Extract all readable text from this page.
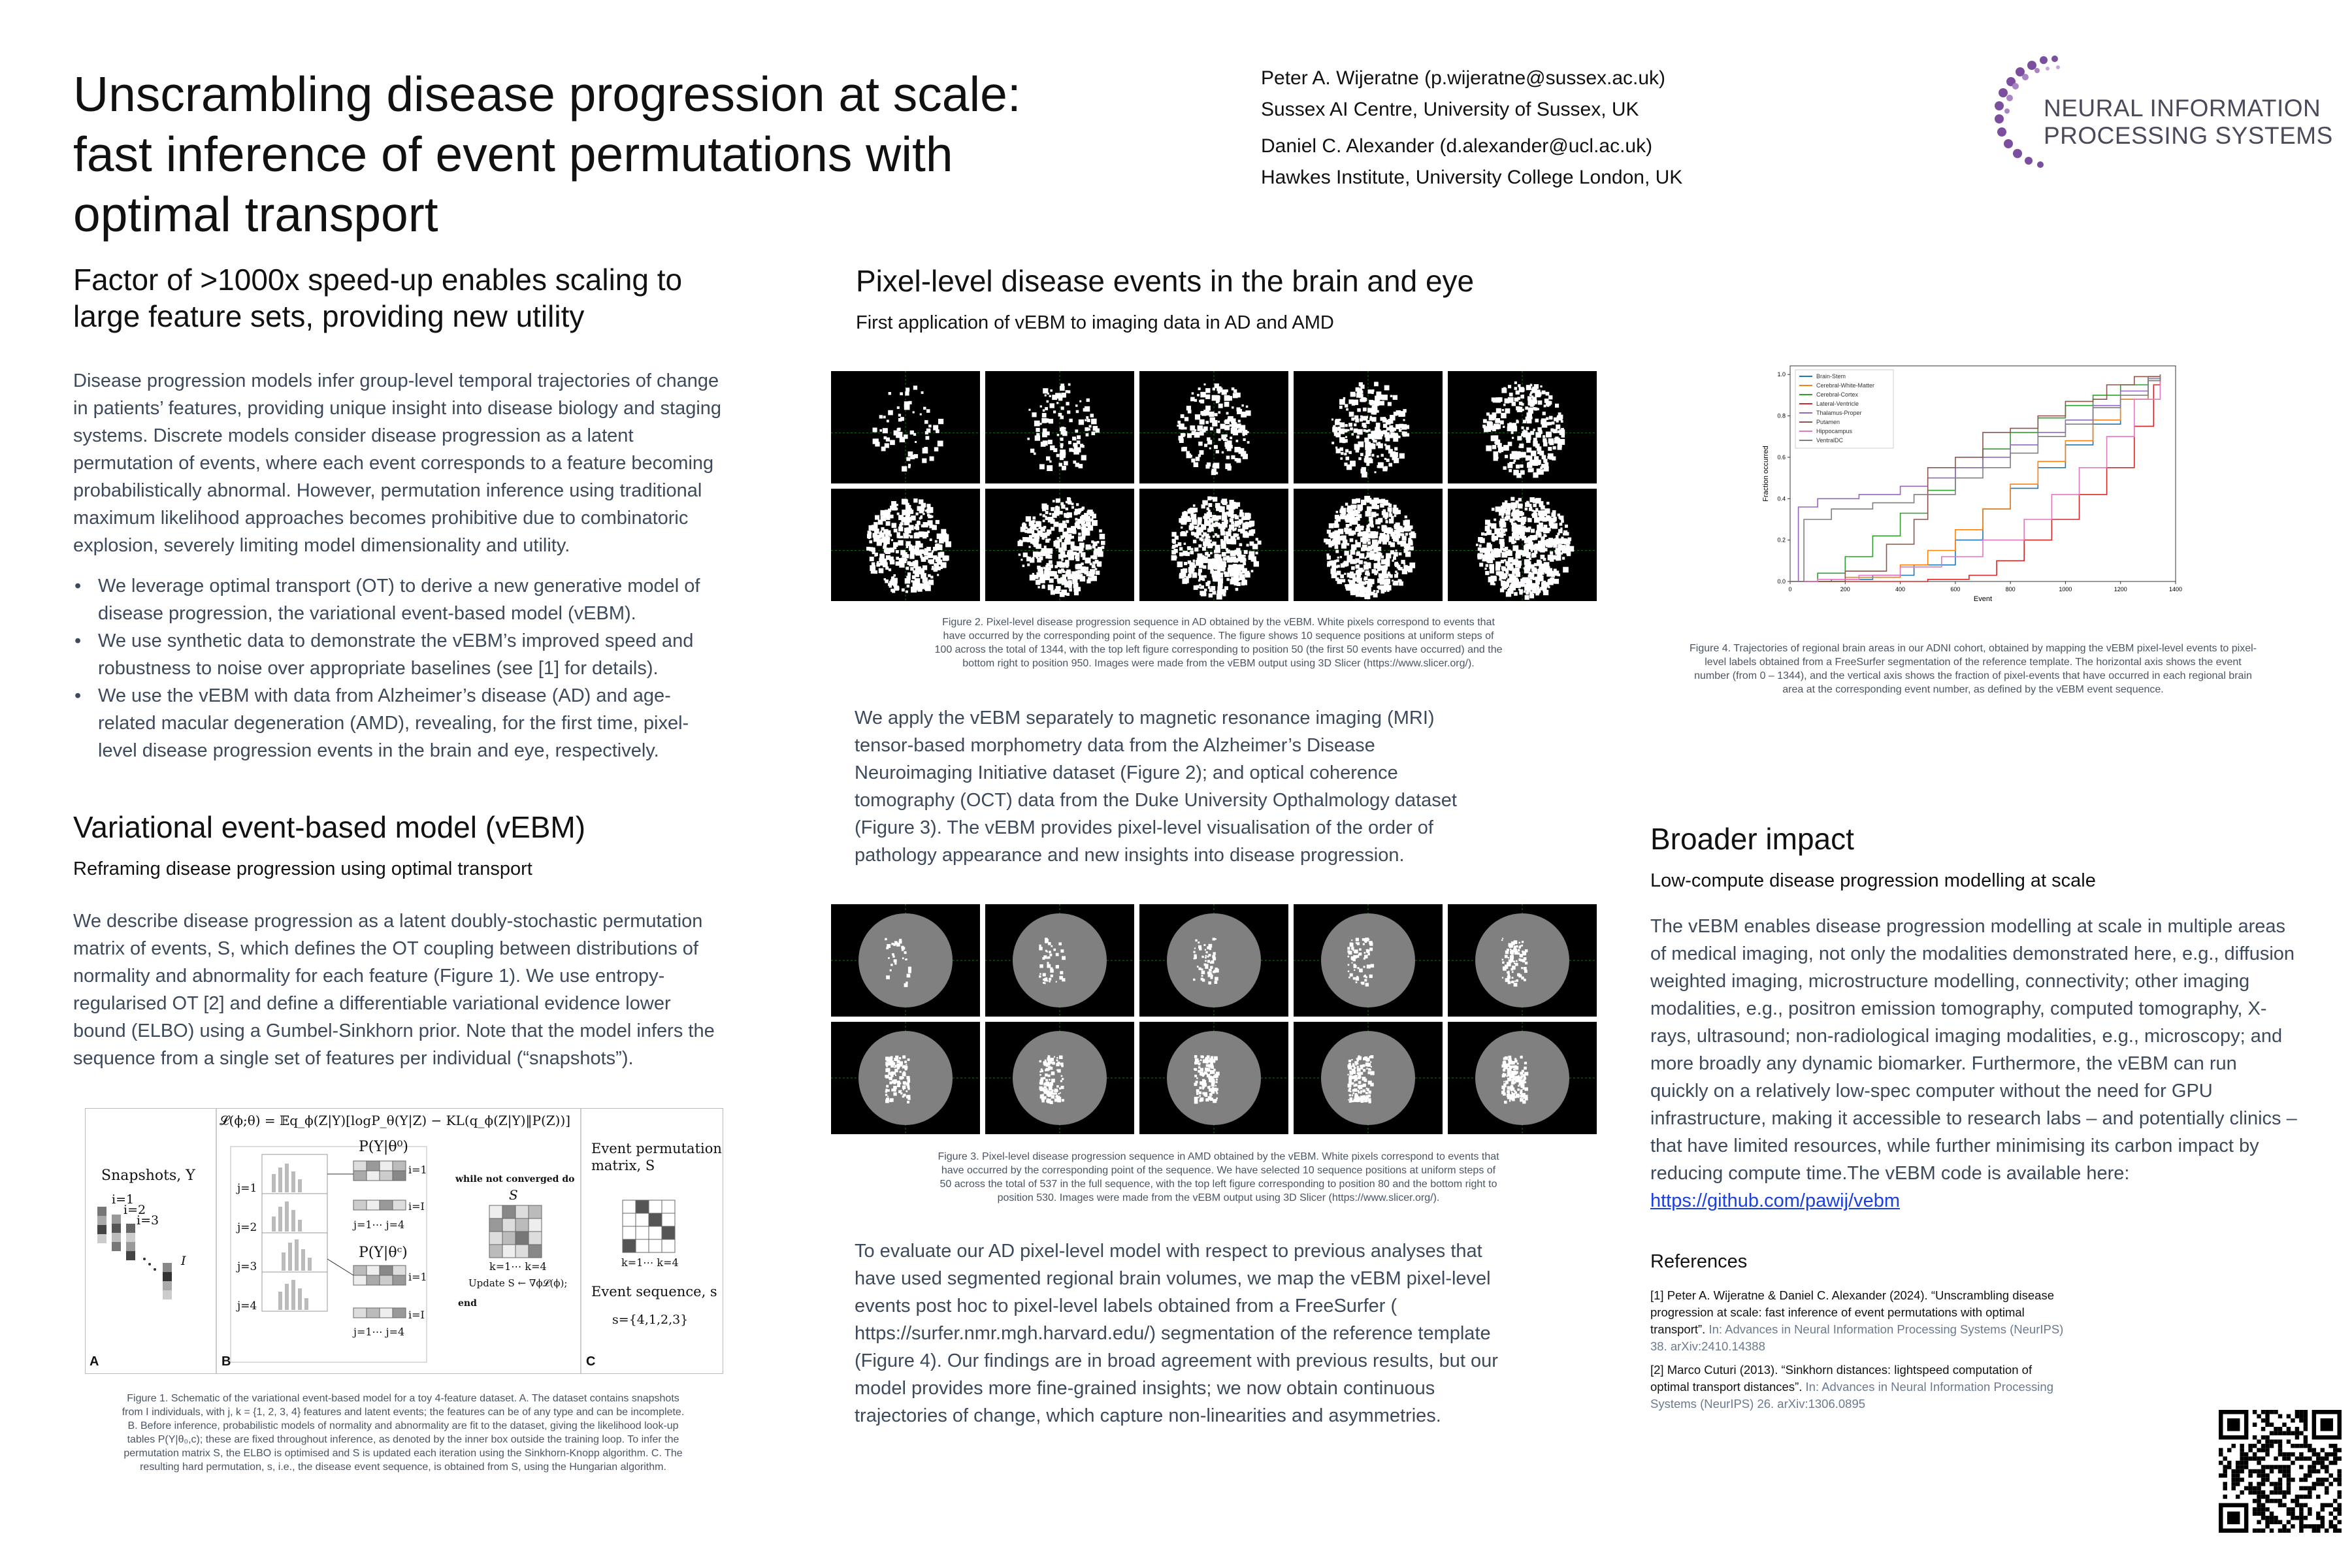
Unscrambling disease progression at scale:
fast inference of event permutations with
optimal transport

Peter A. Wijeratne (p.wijeratne@sussex.ac.uk)

Sussex AI Centre, University of Sussex, UK

Daniel C. Alexander (d.alexander@ucl.ac.uk)

Hawkes Institute, University College London, UK

NEURAL INFORMATION
PROCESSING SYSTEMS
Factor of >1000x speed-up enables scaling to
large feature sets, providing new utility
Disease progression models infer group-level temporal trajectories of change in patients’ features, providing unique insight into disease biology and staging systems. Discrete models consider disease progression as a latent permutation of events, where each event corresponds to a feature becoming probabilistically abnormal. However, permutation inference using traditional maximum likelihood approaches becomes prohibitive due to combinatoric explosion, severely limiting model dimensionality and utility.
• We leverage optimal transport (OT) to derive a new generative model of disease progression, the variational event-based model (vEBM).
• We use synthetic data to demonstrate the vEBM’s improved speed and robustness to noise over appropriate baselines (see [1] for details).
• We use the vEBM with data from Alzheimer’s disease (AD) and age-related macular degeneration (AMD), revealing, for the first time, pixel-level disease progression events in the brain and eye, respectively.
Variational event-based model (vEBM)
Reframing disease progression using optimal transport
We describe disease progression as a latent doubly-stochastic permutation matrix of events, S, which defines the OT coupling between distributions of normality and abnormality for each feature (Figure 1). We use entropy-regularised OT [2] and define a differentiable variational evidence lower bound (ELBO) using a Gumbel-Sinkhorn prior. Note that the model infers the sequence from a single set of features per individual (“snapshots”).
𝓛(ϕ;θ) = 𝔼q_ϕ(Z|Y)[logP_θ(Y|Z) − KL(q_ϕ(Z|Y)‖P(Z))]
Snapshots, Y
i=1
i=2
i=3
I
P(Y|θ⁰)
P(Y|θᶜ)
j=1
j=2
j=3
j=4
i=1
i=I
j=1⋯ j=4
i=1
i=I
j=1⋯ j=4
while not converged do
S
k=1⋯ k=4
Update S ← ∇ϕ𝓛(ϕ);
end
Event permutation
matrix, S
k=1⋯ k=4
Event sequence, s
s={4,1,2,3}
A	B	C
Figure 1. Schematic of the variational event-based model for a toy 4-feature dataset. A. The dataset contains snapshots
from I individuals, with j, k = {1, 2, 3, 4} features and latent events; the features can be of any type and can be incomplete.
B. Before inference, probabilistic models of normality and abnormality are fit to the dataset, giving the likelihood look-up
tables P(Y|θ₀,c); these are fixed throughout inference, as denoted by the inner box outside the training loop. To infer the
permutation matrix S, the ELBO is optimised and S is updated each iteration using the Sinkhorn-Knopp algorithm. C. The
resulting hard permutation, s, i.e., the disease event sequence, is obtained from S, using the Hungarian algorithm.
Pixel-level disease events in the brain and eye
First application of vEBM to imaging data in AD and AMD
Figure 2. Pixel-level disease progression sequence in AD obtained by the vEBM. White pixels correspond to events that
have occurred by the corresponding point of the sequence. The figure shows 10 sequence positions at uniform steps of
100 across the total of 1344, with the top left figure corresponding to position 50 (the first 50 events have occurred) and the
bottom right to position 950. Images were made from the vEBM output using 3D Slicer (https://www.slicer.org/).
We apply the vEBM separately to magnetic resonance imaging (MRI) tensor-based morphometry data from the Alzheimer’s Disease Neuroimaging Initiative dataset (Figure 2); and optical coherence tomography (OCT) data from the Duke University Opthalmology dataset (Figure 3). The vEBM provides pixel-level visualisation of the order of pathology appearance and new insights into disease progression.
Figure 3. Pixel-level disease progression sequence in AMD obtained by the vEBM. White pixels correspond to events that
have occurred by the corresponding point of the sequence. We have selected 10 sequence positions at uniform steps of
50 across the total of 537 in the full sequence, with the top left figure corresponding to position 80 and the bottom right to
position 530. Images were made from the vEBM output using 3D Slicer (https://www.slicer.org/).
To evaluate our AD pixel-level model with respect to previous analyses that have used segmented regional brain volumes, we map the vEBM pixel-level events post hoc to pixel-level labels obtained from a FreeSurfer ( https://surfer.nmr.mgh.harvard.edu/) segmentation of the reference template (Figure 4). Our findings are in broad agreement with previous results, but our model provides more fine-grained insights; we now obtain continuous trajectories of change, which capture non-linearities and asymmetries.
0	200	400	600	800	1000	1200	1400
0.0
0.2
0.4
0.6
0.8
1.0
Event
Fraction occurred
Brain-Stem
Cerebral-White-Matter
Cerebral-Cortex
Lateral-Ventricle
Thalamus-Proper
Putamen
Hippocampus
VentralDC
Figure 4. Trajectories of regional brain areas in our ADNI cohort, obtained by mapping the vEBM pixel-level events to pixel-
level labels obtained from a FreeSurfer segmentation of the reference template. The horizontal axis shows the event
number (from 0 – 1344), and the vertical axis shows the fraction of pixel-events that have occurred in each regional brain
area at the corresponding event number, as defined by the vEBM event sequence.
Broader impact
Low-compute disease progression modelling at scale
The vEBM enables disease progression modelling at scale in multiple areas of medical imaging, not only the modalities demonstrated here, e.g., diffusion weighted imaging, microstructure modelling, connectivity; other imaging modalities, e.g., positron emission tomography, computed tomography, X-rays, ultrasound; non-radiological imaging modalities, e.g., microscopy; and more broadly any dynamic biomarker. Furthermore, the vEBM can run quickly on a relatively low-spec computer without the need for GPU infrastructure, making it accessible to research labs – and potentially clinics – that have limited resources, while further minimising its carbon impact by reducing compute time.The vEBM code is available here:
https://github.com/pawij/vebm
References
[1] Peter A. Wijeratne & Daniel C. Alexander (2024). “Unscrambling disease
progression at scale: fast inference of event permutations with optimal
transport”. In: Advances in Neural Information Processing Systems (NeurIPS)
38. arXiv:2410.14388
[2] Marco Cuturi (2013). “Sinkhorn distances: lightspeed computation of
optimal transport distances”. In: Advances in Neural Information Processing
Systems (NeurIPS) 26. arXiv:1306.0895
